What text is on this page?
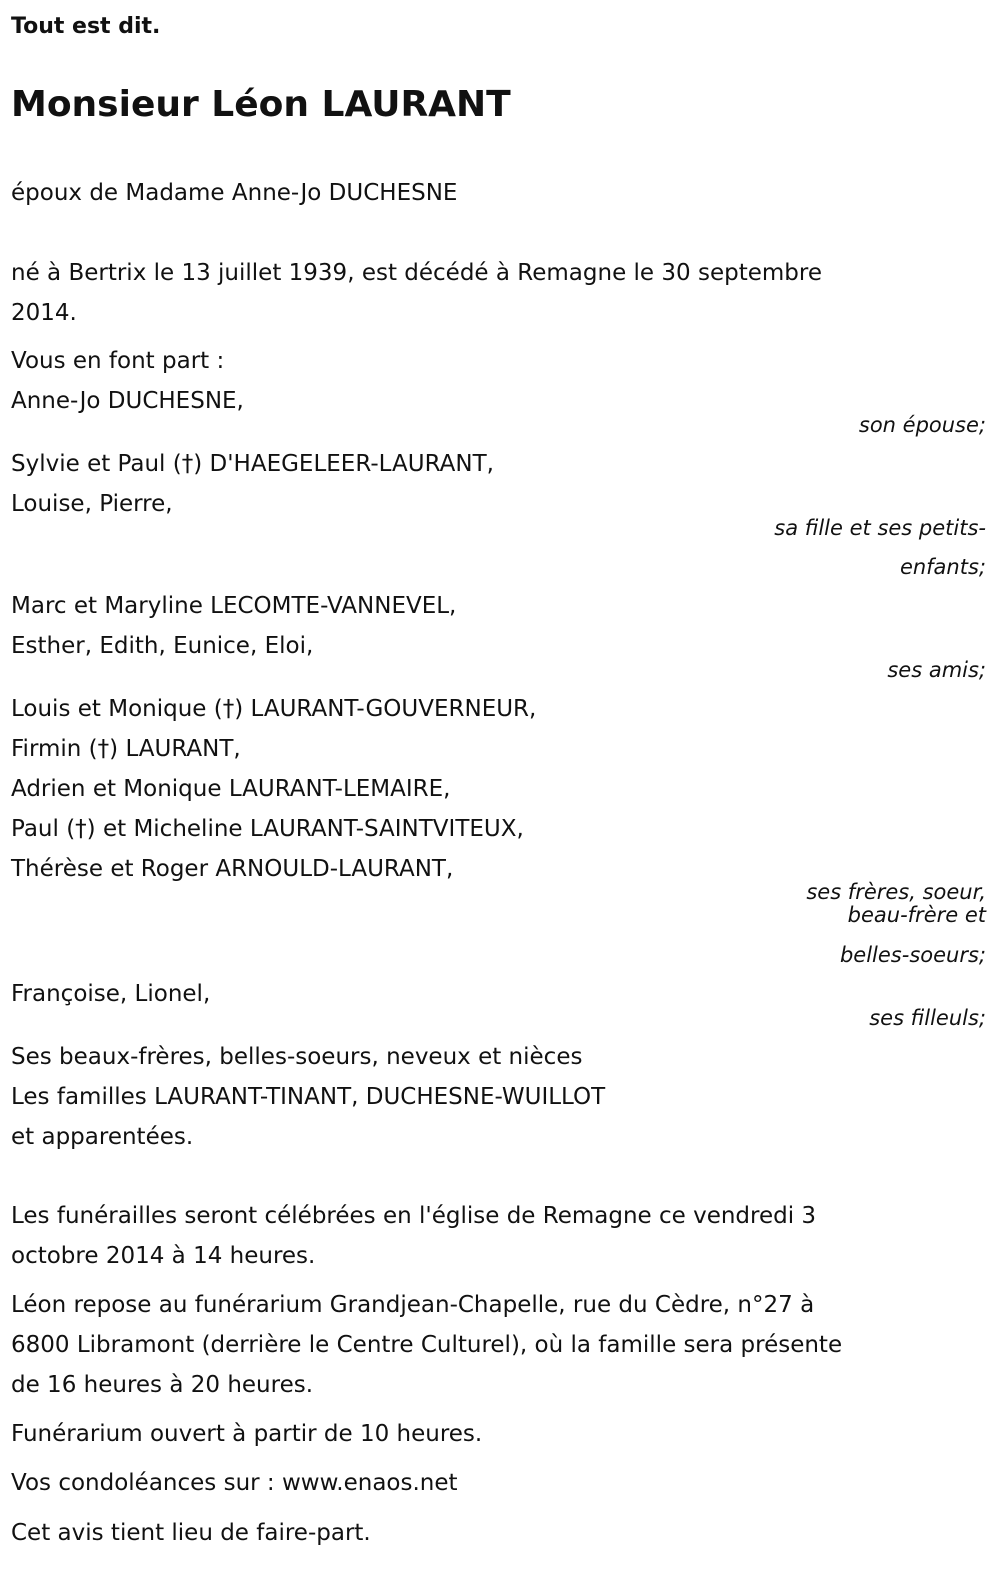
Tout est dit.
Monsieur Léon LAURANT
époux de Madame Anne-Jo DUCHESNE
né à Bertrix le 13 juillet 1939, est décédé à Remagne le 30 septembre
2014.
Vous en font part :
Anne-Jo DUCHESNE,
Sylvie et Paul (†) D'HAEGELEER-LAURANT,
Louise, Pierre,
Marc et Maryline LECOMTE-VANNEVEL,
Esther, Edith, Eunice, Eloi,
Louis et Monique (†) LAURANT-GOUVERNEUR,
Firmin (†) LAURANT,
Adrien et Monique LAURANT-LEMAIRE,
Paul (†) et Micheline LAURANT-SAINTVITEUX,
Thérèse et Roger ARNOULD-LAURANT,
Françoise, Lionel,
Ses beaux-frères, belles-soeurs, neveux et nièces
Les familles LAURANT-TINANT, DUCHESNE-WUILLOT
et apparentées.
Les funérailles seront célébrées en l'église de Remagne ce vendredi 3
octobre 2014 à 14 heures.
Léon repose au funérarium Grandjean-Chapelle, rue du Cèdre, n°27 à
6800 Libramont (derrière le Centre Culturel), où la famille sera présente
de 16 heures à 20 heures.
Funérarium ouvert à partir de 10 heures.
Vos condoléances sur : www.enaos.net
Cet avis tient lieu de faire-part.
son épouse;
sa fille et ses petits-
enfants;
ses amis;
ses frères, soeur,
beau-frère et
belles-soeurs;
ses filleuls;
